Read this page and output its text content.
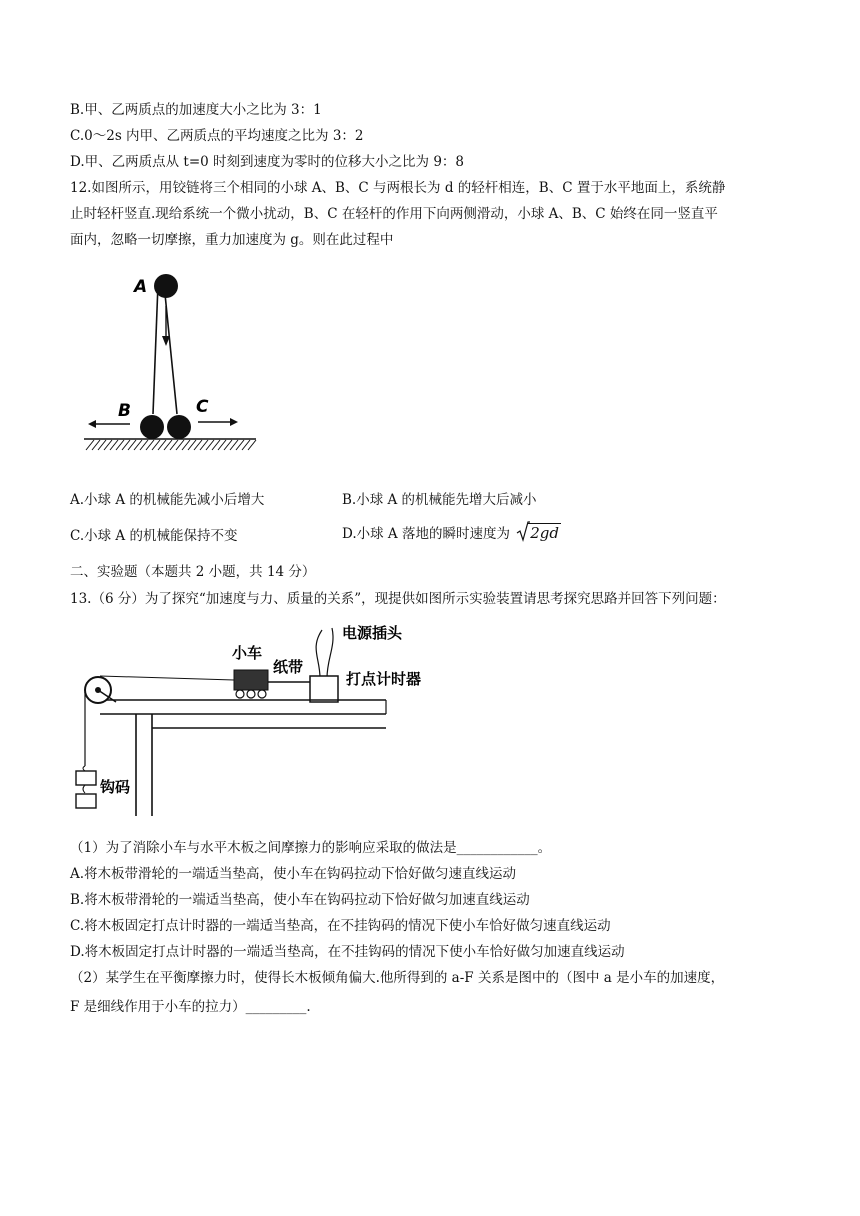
B.甲、乙两质点的加速度大小之比为 3：1
C.0～2s 内甲、乙两质点的平均速度之比为 3：2
D.甲、乙两质点从 t=0 时刻到速度为零时的位移大小之比为 9：8
12.如图所示，用铰链将三个相同的小球 A、B、C 与两根长为 d 的轻杆相连，B、C 置于水平地面上，系统静
止时轻杆竖直.现给系统一个微小扰动，B、C 在轻杆的作用下向两侧滑动，小球 A、B、C 始终在同一竖直平
面内，忽略一切摩擦，重力加速度为 g。则在此过程中
A
B	C
A.小球 A 的机械能先减小后增大	B.小球 A 的机械能先增大后减小
C.小球 A 的机械能保持不变	D.小球 A 落地的瞬时速度为 2gd
二、实验题（本题共 2 小题，共 14 分）
13.（6 分）为了探究“加速度与力、质量的关系”，现提供如图所示实验装置请思考探究思路并回答下列问题：
电源插头
打点计时器
小车
纸带
钩码
（1）为了消除小车与水平木板之间摩擦力的影响应采取的做法是____________。
A.将木板带滑轮的一端适当垫高，使小车在钩码拉动下恰好做匀速直线运动
B.将木板带滑轮的一端适当垫高，使小车在钩码拉动下恰好做匀加速直线运动
C.将木板固定打点计时器的一端适当垫高，在不挂钩码的情况下使小车恰好做匀速直线运动
D.将木板固定打点计时器的一端适当垫高，在不挂钩码的情况下使小车恰好做匀加速直线运动
（2）某学生在平衡摩擦力时，使得长木板倾角偏大.他所得到的 a-F 关系是图中的（图中 a 是小车的加速度，
F 是细线作用于小车的拉力）_________.
